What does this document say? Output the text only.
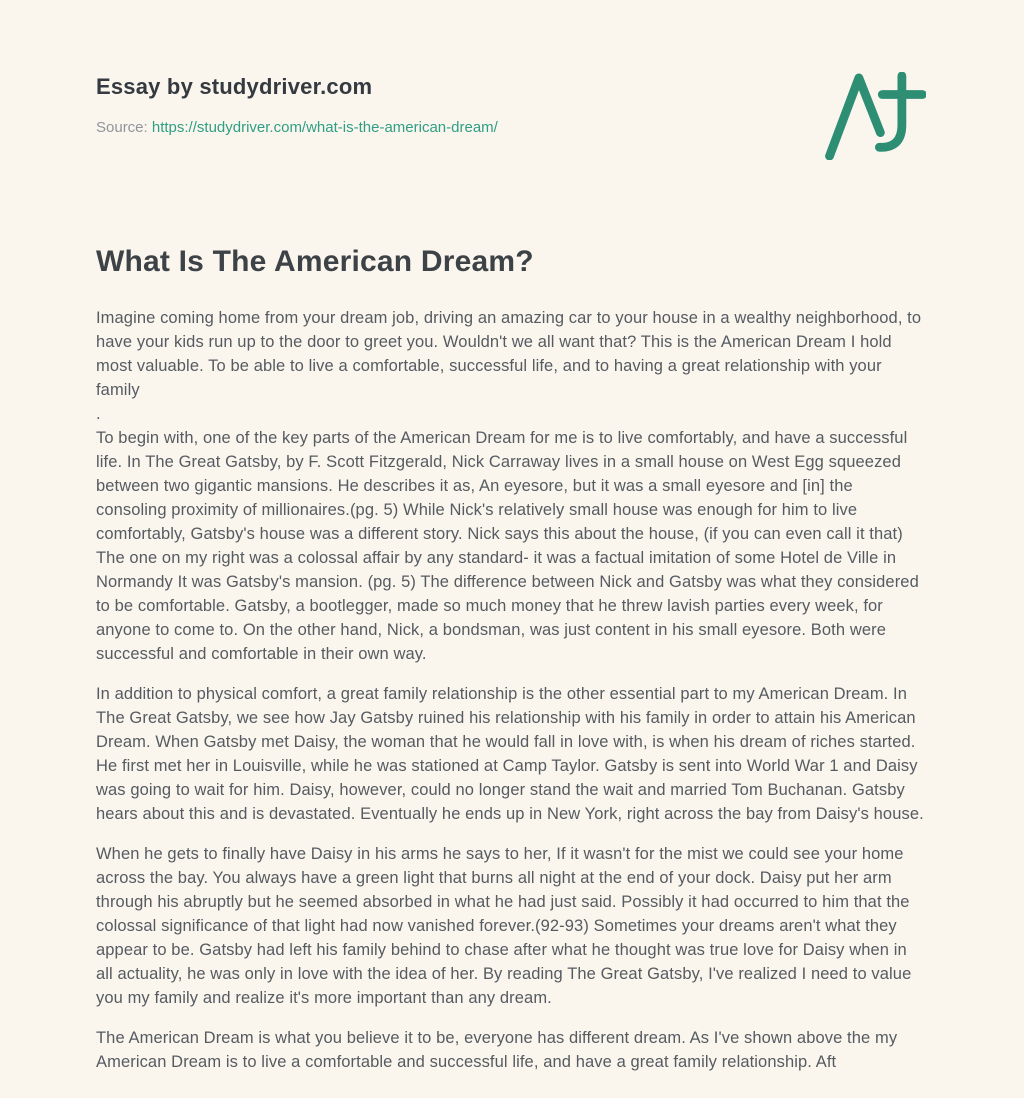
Essay by studydriver.com
Source: https://studydriver.com/what-is-the-american-dream/
What Is The American Dream?

Imagine coming home from your dream job, driving an amazing car to your house in a wealthy neighborhood, to have your kids run up to the door to greet you. Wouldn't we all want that? This is the American Dream I hold most valuable. To be able to live a comfortable, successful life, and to having a great relationship with your family

.

To begin with, one of the key parts of the American Dream for me is to live comfortably, and have a successful life. In The Great Gatsby, by F. Scott Fitzgerald, Nick Carraway lives in a small house on West Egg squeezed between two gigantic mansions. He describes it as, An eyesore, but it was a small eyesore and [in] the consoling proximity of millionaires.(pg. 5) While Nick's relatively small house was enough for him to live comfortably, Gatsby's house was a different story. Nick says this about the house, (if you can even call it that) The one on my right was a colossal affair by any standard- it was a factual imitation of some Hotel de Ville in Normandy It was Gatsby's mansion. (pg. 5) The difference between Nick and Gatsby was what they considered to be comfortable. Gatsby, a bootlegger, made so much money that he threw lavish parties every week, for anyone to come to. On the other hand, Nick, a bondsman, was just content in his small eyesore. Both were successful and comfortable in their own way.

In addition to physical comfort, a great family relationship is the other essential part to my American Dream. In The Great Gatsby, we see how Jay Gatsby ruined his relationship with his family in order to attain his American Dream. When Gatsby met Daisy, the woman that he would fall in love with, is when his dream of riches started. He first met her in Louisville, while he was stationed at Camp Taylor. Gatsby is sent into World War 1 and Daisy was going to wait for him. Daisy, however, could no longer stand the wait and married Tom Buchanan. Gatsby hears about this and is devastated. Eventually he ends up in New York, right across the bay from Daisy's house.

When he gets to finally have Daisy in his arms he says to her, If it wasn't for the mist we could see your home across the bay. You always have a green light that burns all night at the end of your dock. Daisy put her arm through his abruptly but he seemed absorbed in what he had just said. Possibly it had occurred to him that the colossal significance of that light had now vanished forever.(92-93) Sometimes your dreams aren't what they appear to be. Gatsby had left his family behind to chase after what he thought was true love for Daisy when in all actuality, he was only in love with the idea of her. By reading The Great Gatsby, I've realized I need to value you my family and realize it's more important than any dream.

The American Dream is what you believe it to be, everyone has different dream. As I've shown above the my American Dream is to live a comfortable and successful life, and have a great family relationship. Aft
